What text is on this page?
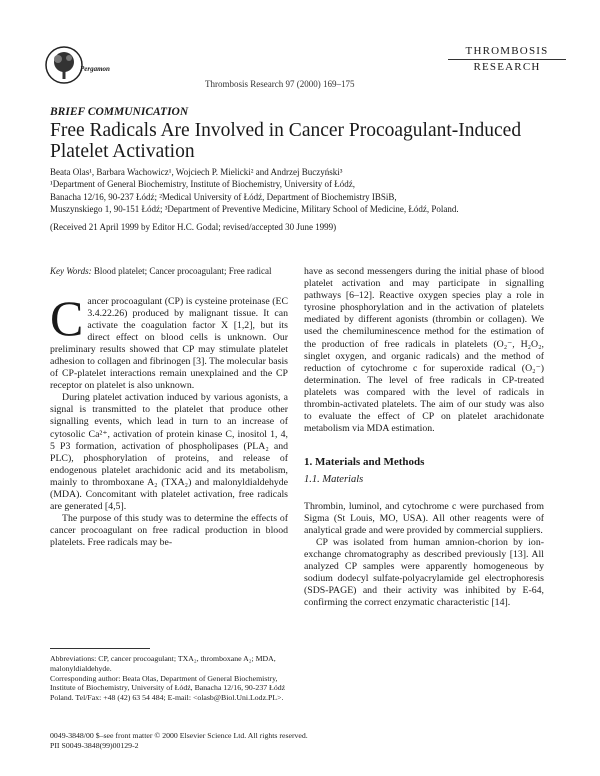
Pergamon
THROMBOSIS
RESEARCH
Thrombosis Research 97 (2000) 169–175
BRIEF COMMUNICATION
Free Radicals Are Involved in Cancer Procoagulant-Induced Platelet Activation
Beata Olas¹, Barbara Wachowicz¹, Wojciech P. Mielicki² and Andrzej Buczyński³
¹Department of General Biochemistry, Institute of Biochemistry, University of Łódź,
Banacha 12/16, 90-237 Łódź; ²Medical University of Łódź, Department of Biochemistry IBSiB,
Muszynskiego 1, 90-151 Łódź; ³Department of Preventive Medicine, Military School of Medicine, Łódź, Poland.
(Received 21 April 1999 by Editor H.C. Godal; revised/accepted 30 June 1999)

Key Words: Blood platelet; Cancer procoagulant; Free radical

Cancer procoagulant (CP) is cysteine proteinase (EC 3.4.22.26) produced by malignant tissue. It can activate the coagulation factor X [1,2], but its direct effect on blood cells is unknown. Our preliminary results showed that CP may stimulate platelet adhesion to collagen and fibrinogen [3]. The molecular basis of CP-platelet interactions remain unexplained and the CP receptor on platelet is also unknown.

During platelet activation induced by various agonists, a signal is transmitted to the platelet that produce other signalling events, which lead in turn to an increase of cytosolic Ca²⁺, activation of protein kinase C, inositol 1, 4, 5 P3 formation, activation of phospholipases (PLA₂ and PLC), phosphorylation of proteins, and release of endogenous platelet arachidonic acid and its metabolism, mainly to thromboxane A₂ (TXA₂) and malonyldialdehyde (MDA). Concomitant with platelet activation, free radicals are generated [4,5].

The purpose of this study was to determine the effects of cancer procoagulant on free radical production in blood platelets. Free radicals may be-

have as second messengers during the initial phase of blood platelet activation and may participate in signalling pathways [6–12]. Reactive oxygen species play a role in tyrosine phosphorylation and in the activation of platelets mediated by different agonists (thrombin or collagen). We used the chemiluminescence method for the estimation of the production of free radicals in platelets (O₂⁻, H₂O₂, singlet oxygen, and organic radicals) and the method of reduction of cytochrome c for superoxide radical (O₂⁻) determination. The level of free radicals in CP-treated platelets was compared with the level of radicals in thrombin-activated platelets. The aim of our study was also to evaluate the effect of CP on platelet arachidonate metabolism via MDA estimation.

1. Materials and Methods
1.1. Materials

Thrombin, luminol, and cytochrome c were purchased from Sigma (St Louis, MO, USA). All other reagents were of analytical grade and were provided by commercial suppliers.

CP was isolated from human amnion-chorion by ion-exchange chromatography as described previously [13]. All analyzed CP samples were apparently homogeneous by sodium dodecyl sulfate-polyacrylamide gel electrophoresis (SDS-PAGE) and their activity was inhibited by E-64, confirming the correct enzymatic characteristic [14].

Abbreviations: CP, cancer procoagulant; TXA₂, thromboxane A₂; MDA, malonyldialdehyde.

Corresponding author: Beata Olas, Department of General Biochemistry, Institute of Biochemistry, University of Łódź, Banacha 12/16, 90-237 Łódź Poland. Tel/Fax: +48 (42) 63 54 484; E-mail: <olasb@Biol.Uni.Lodz.PL>.

0049-3848/00 $–see front matter © 2000 Elsevier Science Ltd. All rights reserved.
PII S0049-3848(99)00129-2
